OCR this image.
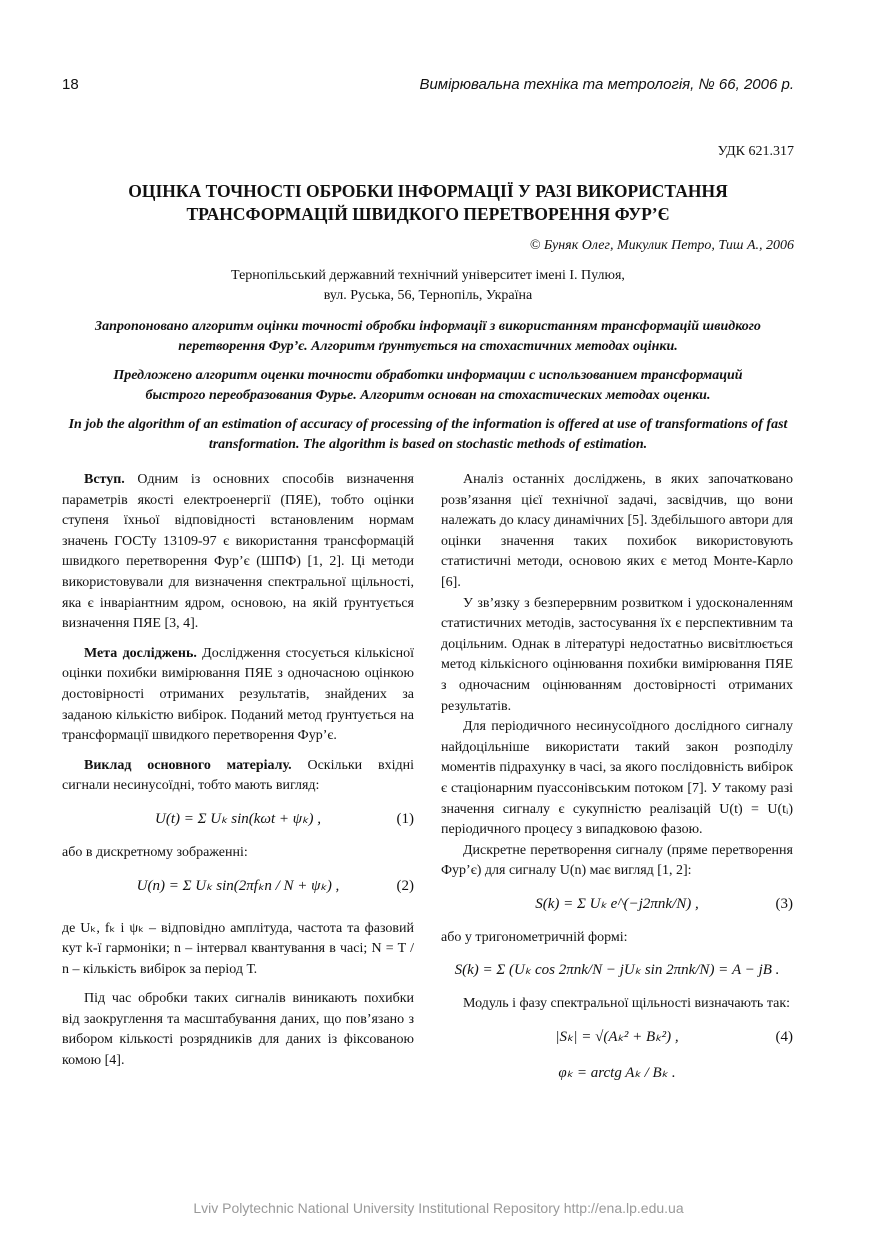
18	Вимірювальна техніка та метрологія, № 66, 2006 р.
УДК 621.317
ОЦІНКА ТОЧНОСТІ ОБРОБКИ ІНФОРМАЦІЇ У РАЗІ ВИКОРИСТАННЯ
ТРАНСФОРМАЦІЙ ШВИДКОГО ПЕРЕТВОРЕННЯ ФУР’Є
© Буняк Олег, Микулик Петро, Тиш А., 2006
Тернопільський державний технічний університет імені І. Пулюя,
вул. Руська, 56, Тернопіль, Україна
Запропоновано алгоритм оцінки точності обробки інформації з використанням трансформацій швидкого перетворення Фур’є. Алгоритм ґрунтується на стохастичних методах оцінки.
Предложено алгоритм оценки точности обработки информации с использованием трансформаций быстрого переобразования Фурье. Алгоритм основан на стохастических методах оценки.
In job the algorithm of an estimation of accuracy of processing of the information is offered at use of transformations of fast transformation. The algorithm is based on stochastic methods of estimation.

Вступ. Одним із основних способів визначення параметрів якості електроенергії (ПЯЕ), тобто оцінки ступеня їхньої відповідності встановленим нормам значень ГОСТу 13109-97 є використання трансформацій швидкого перетворення Фур’є (ШПФ) [1, 2]. Ці методи використовували для визначення спектральної щільності, яка є інваріантним ядром, основою, на якій ґрунтується визначення ПЯЕ [3, 4].

Мета досліджень. Дослідження стосується кількісної оцінки похибки вимірювання ПЯЕ з одночасною оцінкою достовірності отриманих результатів, знайдених за заданою кількістю вибірок. Поданий метод ґрунтується на трансформації швидкого перетворення Фур’є.

Виклад основного матеріалу. Оскільки вхідні сигнали несинусоїдні, тобто мають вигляд:

U(t) = Σ Uₖ sin(kωt + ψₖ) ,	(1)

або в дискретному зображенні:

U(n) = Σ Uₖ sin(2πfₖn / N + ψₖ) ,	(2)

де Uₖ, fₖ і ψₖ – відповідно амплітуда, частота та фазовий кут k-ї гармоніки; n – інтервал квантування в часі; N = T / n – кількість вибірок за період Т.

Під час обробки таких сигналів виникають похибки від заокруглення та масштабування даних, що пов’язано з вибором кількості розрядників для даних із фіксованою комою [4].

Аналіз останніх досліджень, в яких започатковано розв’язання цієї технічної задачі, засвідчив, що вони належать до класу динамічних [5]. Здебільшого автори для оцінки значення таких похибок використовують статистичні методи, основою яких є метод Монте-Карло [6].

У зв’язку з безперервним розвитком і удосконаленням статистичних методів, застосування їх є перспективним та доцільним. Однак в літературі недостатньо висвітлюється метод кількісного оцінювання похибки вимірювання ПЯЕ з одночасним оцінюванням достовірності отриманих результатів.

Для періодичного несинусоїдного дослідного сигналу найдоцільніше використати такий закон розподілу моментів підрахунку в часі, за якого послідовність вибірок є стаціонарним пуассонівським потоком [7]. У такому разі значення сигналу є сукупністю реалізацій U(t) = U(tᵢ) періодичного процесу з випадковою фазою.

Дискретне перетворення сигналу (пряме перетворення Фур’є) для сигналу U(n) має вигляд [1, 2]:

S(k) = Σ Uₖ e^(−j2πnk/N) ,	(3)

або у тригонометричній формі:

S(k) = Σ (Uₖ cos 2πnk/N − jUₖ sin 2πnk/N) = A − jB .

Модуль і фазу спектральної щільності визначають так:

|Sₖ| = √(Aₖ² + Bₖ²) ,	(4)
φₖ = arctg Aₖ / Bₖ .
Lviv Polytechnic National University Institutional Repository http://ena.lp.edu.ua
